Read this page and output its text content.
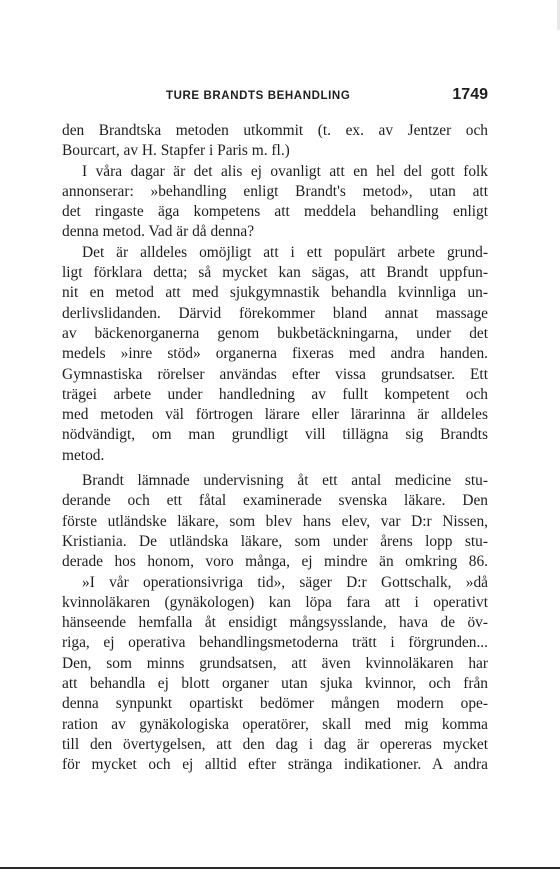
TURE BRANDTS BEHANDLING	1749
den Brandtska metoden utkommit (t. ex. av Jentzer och
Bourcart, av H. Stapfer i Paris m. fl.)
I våra dagar är det alis ej ovanligt att en hel del gott folk
annonserar: »behandling enligt Brandt's metod», utan att
det ringaste äga kompetens att meddela behandling enligt
denna metod. Vad är då denna?
Det är alldeles omöjligt att i ett populärt arbete grund-
ligt förklara detta; så mycket kan sägas, att Brandt uppfun-
nit en metod att med sjukgymnastik behandla kvinnliga un-
derlivslidanden. Därvid förekommer bland annat massage
av bäckenorganerna genom bukbetäckningarna, under det
medels »inre stöd» organerna fixeras med andra handen.
Gymnastiska rörelser användas efter vissa grundsatser. Ett
trägei arbete under handledning av fullt kompetent och
med metoden väl förtrogen lärare eller lärarinna är alldeles
nödvändigt, om man grundligt vill tillägna sig Brandts
metod.
Brandt lämnade undervisning åt ett antal medicine stu-
derande och ett fåtal examinerade svenska läkare. Den
förste utländske läkare, som blev hans elev, var D:r Nissen,
Kristiania. De utländska läkare, som under årens lopp stu-
derade hos honom, voro många, ej mindre än omkring 86.
»I vår operationsivriga tid», säger D:r Gottschalk, »då
kvinnoläkaren (gynäkologen) kan löpa fara att i operativt
hänseende hemfalla åt ensidigt mångsysslande, hava de öv-
riga, ej operativa behandlingsmetoderna trätt i förgrunden...
Den, som minns grundsatsen, att även kvinnoläkaren har
att behandla ej blott organer utan sjuka kvinnor, och från
denna synpunkt opartiskt bedömer mången modern ope-
ration av gynäkologiska operatörer, skall med mig komma
till den övertygelsen, att den dag i dag är opereras mycket
för mycket och ej alltid efter stränga indikationer. A andra
